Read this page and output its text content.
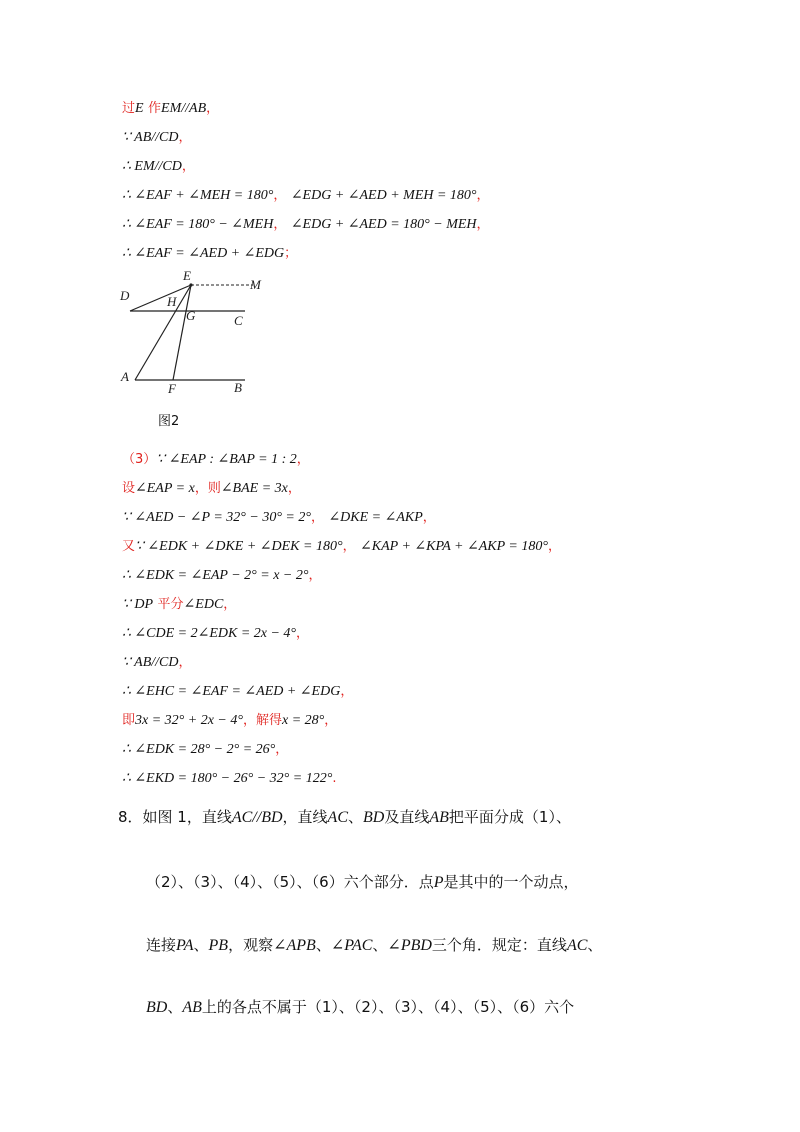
过E 作EM//AB，
∵ AB//CD，
∴ EM//CD，
∴ ∠EAF + ∠MEH = 180°， ∠EDG + ∠AED + MEH = 180°，
∴ ∠EAF = 180° − ∠MEH， ∠EDG + ∠AED = 180° − MEH，
∴ ∠EAF = ∠AED + ∠EDG；
E
M
D	H
G	C
A
F	B
图2
（3）∵ ∠EAP : ∠BAP = 1 : 2，
设∠EAP = x，则∠BAE = 3x，
∵ ∠AED − ∠P = 32° − 30° = 2°， ∠DKE = ∠AKP，
又∵ ∠EDK + ∠DKE + ∠DEK = 180°， ∠KAP + ∠KPA + ∠AKP = 180°，
∴ ∠EDK = ∠EAP − 2° = x − 2°，
∵ DP 平分∠EDC，
∴ ∠CDE = 2∠EDK = 2x − 4°，
∵ AB//CD，
∴ ∠EHC = ∠EAF = ∠AED + ∠EDG，
即3x = 32° + 2x − 4°，解得x = 28°，
∴ ∠EDK = 28° − 2° = 26°，
∴ ∠EKD = 180° − 26° − 32° = 122°.
8．如图 1，直线AC//BD，直线AC、BD及直线AB把平面分成（1）、
（2）、（3）、（4）、（5）、（6）六个部分．点P是其中的一个动点，
连接PA、PB，观察∠APB、∠PAC、∠PBD三个角．规定：直线AC、
BD、AB上的各点不属于（1）、（2）、（3）、（4）、（5）、（6）六个
